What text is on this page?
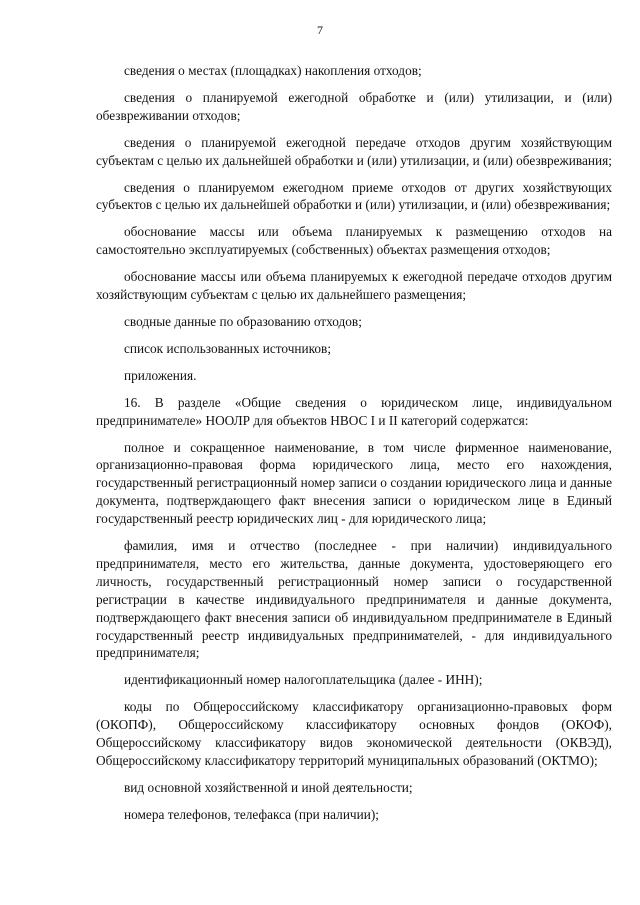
7

сведения о местах (площадках) накопления отходов;

сведения о планируемой ежегодной обработке и (или) утилизации, и (или) обезвреживании отходов;

сведения о планируемой ежегодной передаче отходов другим хозяйствующим субъектам с целью их дальнейшей обработки и (или) утилизации, и (или) обезвреживания;

сведения о планируемом ежегодном приеме отходов от других хозяйствующих субъектов с целью их дальнейшей обработки и (или) утилизации, и (или) обезвреживания;

обоснование массы или объема планируемых к размещению отходов на самостоятельно эксплуатируемых (собственных) объектах размещения отходов;

обоснование массы или объема планируемых к ежегодной передаче отходов другим хозяйствующим субъектам с целью их дальнейшего размещения;

сводные данные по образованию отходов;

список использованных источников;

приложения.

16. В разделе «Общие сведения о юридическом лице, индивидуальном предпринимателе» НООЛР для объектов НВОС I и II категорий содержатся:

полное и сокращенное наименование, в том числе фирменное наименование, организационно-правовая форма юридического лица, место его нахождения, государственный регистрационный номер записи о создании юридического лица и данные документа, подтверждающего факт внесения записи о юридическом лице в Единый государственный реестр юридических лиц - для юридического лица;

фамилия, имя и отчество (последнее - при наличии) индивидуального предпринимателя, место его жительства, данные документа, удостоверяющего его личность, государственный регистрационный номер записи о государственной регистрации в качестве индивидуального предпринимателя и данные документа, подтверждающего факт внесения записи об индивидуальном предпринимателе в Единый государственный реестр индивидуальных предпринимателей, - для индивидуального предпринимателя;

идентификационный номер налогоплательщика (далее - ИНН);

коды по Общероссийскому классификатору организационно-правовых форм (ОКОПФ), Общероссийскому классификатору основных фондов (ОКОФ), Общероссийскому классификатору видов экономической деятельности (ОКВЭД), Общероссийскому классификатору территорий муниципальных образований (ОКТМО);

вид основной хозяйственной и иной деятельности;

номера телефонов, телефакса (при наличии);
